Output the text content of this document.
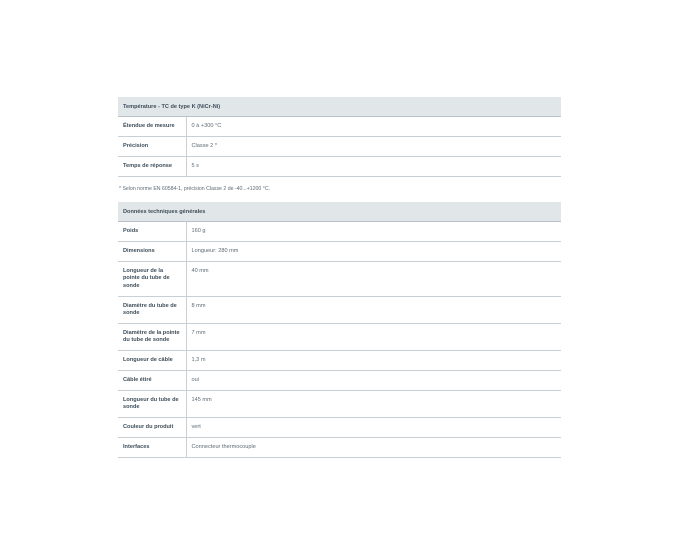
Température - TC de type K (NiCr-Ni)	
Étendue de mesure	0 à +300 °C
Précision	Classe 2 *
Temps de réponse	5 s
* Selon norme EN 60584-1, précision Classe 2 de -40...+1200 °C.
Données techniques générales	
Poids	160 g
Dimensions	Longueur: 280 mm
Longueur de la pointe du tube de sonde	40 mm
Diamètre du tube de sonde	8 mm
Diamètre de la pointe du tube de sonde	7 mm
Longueur de câble	1,3 m
Câble étiré	oui
Longueur du tube de sonde	145 mm
Couleur du produit	vert
Interfaces	Connecteur thermocouple
